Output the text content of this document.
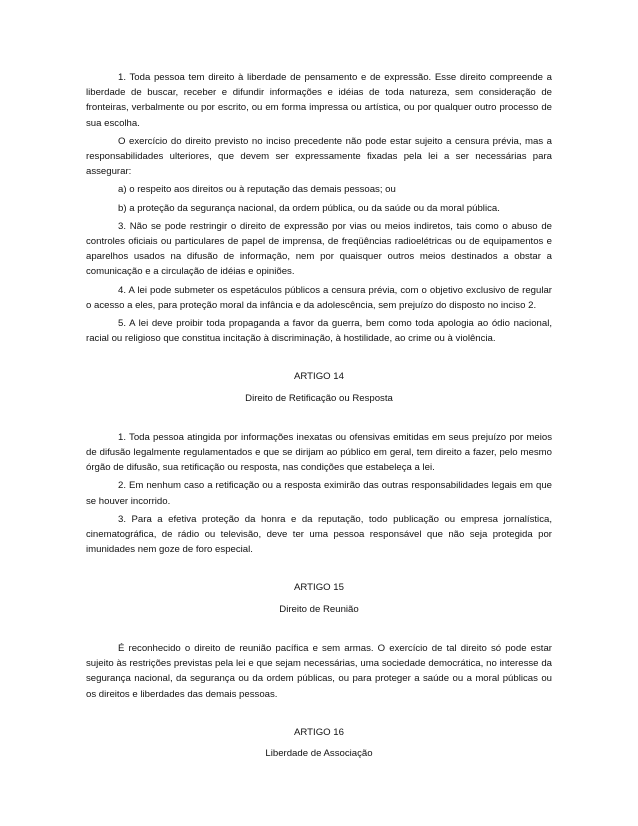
1. Toda pessoa tem direito à liberdade de pensamento e de expressão. Esse direito compreende a liberdade de buscar, receber e difundir informações e idéias de toda natureza, sem consideração de fronteiras, verbalmente ou por escrito, ou em forma impressa ou artística, ou por qualquer outro processo de sua escolha.

O exercício do direito previsto no inciso precedente não pode estar sujeito a censura prévia, mas a responsabilidades ulteriores, que devem ser expressamente fixadas pela lei a ser necessárias para assegurar:

a) o respeito aos direitos ou à reputação das demais pessoas; ou

b) a proteção da segurança nacional, da ordem pública, ou da saúde ou da moral pública.

3. Não se pode restringir o direito de expressão por vias ou meios indiretos, tais como o abuso de controles oficiais ou particulares de papel de imprensa, de freqüências radioelétricas ou de equipamentos e aparelhos usados na difusão de informação, nem por quaisquer outros meios destinados a obstar a comunicação e a circulação de idéias e opiniões.

4. A lei pode submeter os espetáculos públicos a censura prévia, com o objetivo exclusivo de regular o acesso a eles, para proteção moral da infância e da adolescência, sem prejuízo do disposto no inciso 2.

5. A lei deve proibir toda propaganda a favor da guerra, bem como toda apologia ao ódio nacional, racial ou religioso que constitua incitação à discriminação, à hostilidade, ao crime ou à violência.

ARTIGO 14
Direito de Retificação ou Resposta

1. Toda pessoa atingida por informações inexatas ou ofensivas emitidas em seus prejuízo por meios de difusão legalmente regulamentados e que se dirijam ao público em geral, tem direito a fazer, pelo mesmo órgão de difusão, sua retificação ou resposta, nas condições que estabeleça a lei.

2. Em nenhum caso a retificação ou a resposta eximirão das outras responsabilidades legais em que se houver incorrido.

3. Para a efetiva proteção da honra e da reputação, todo publicação ou empresa jornalística, cinematográfica, de rádio ou televisão, deve ter uma pessoa responsável que não seja protegida por imunidades nem goze de foro especial.

ARTIGO 15
Direito de Reunião

É reconhecido o direito de reunião pacífica e sem armas. O exercício de tal direito só pode estar sujeito às restrições previstas pela lei e que sejam necessárias, uma sociedade democrática, no interesse da segurança nacional, da segurança ou da ordem públicas, ou para proteger a saúde ou a moral públicas ou os direitos e liberdades das demais pessoas.

ARTIGO 16
Liberdade de Associação
